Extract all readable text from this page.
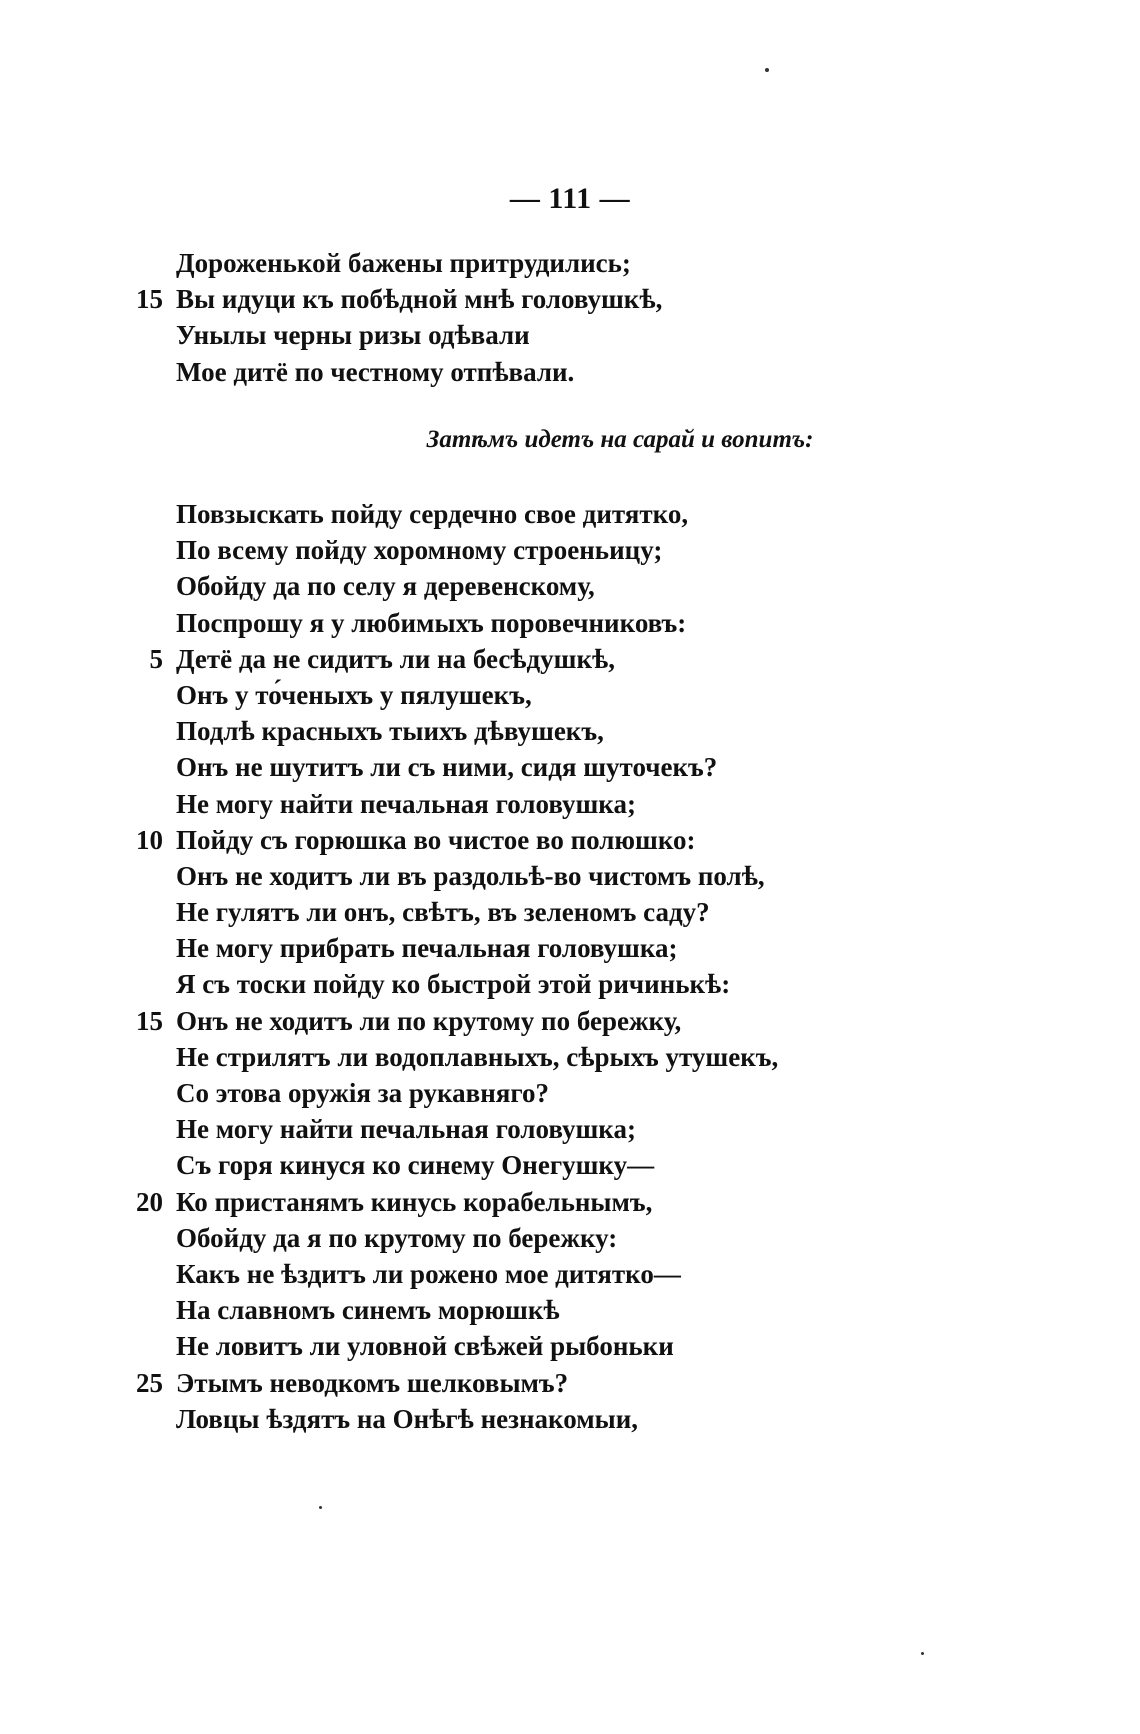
— 111 —
Дороженькой бажены притрудились;
15 Вы идуци къ побѣдной мнѣ головушкѣ,
Унылы черны ризы одѣвали
Мое дитё по честному отпѣвали.
Затѣмъ идетъ на сарай и вопитъ:
Повзыскать пойду сердечно свое дитятко,
По всему пойду хоромному строеньицу;
Обойду да по селу я деревенскому,
Поспрошу я у любимыхъ поровечниковъ:
5 Детё да не сидитъ ли на бесѣдушкѣ,
Онъ у то́ченыхъ у пялушекъ,
Подлѣ красныхъ тыихъ дѣвушекъ,
Онъ не шутитъ ли съ ними, сидя шуточекъ?
Не могу найти печальная головушка;
10 Пойду съ горюшка во чистое во полюшко:
Онъ не ходитъ ли въ раздольѣ-во чистомъ полѣ,
Не гулятъ ли онъ, свѣтъ, въ зеленомъ саду?
Не могу прибрать печальная головушка;
Я съ тоски пойду ко быстрой этой ричинькѣ:
15 Онъ не ходитъ ли по крутому по бережку,
Не стрилятъ ли водоплавныхъ, сѣрыхъ утушекъ,
Со этова оружія за рукавняго?
Не могу найти печальная головушка;
Съ горя кинуся ко синему Онегушку—
20 Ко пристанямъ кинусь корабельнымъ,
Обойду да я по крутому по бережку:
Какъ не ѣздитъ ли рожено мое дитятко—
На славномъ синемъ морюшкѣ
Не ловитъ ли уловной свѣжей рыбоньки
25 Этымъ неводкомъ шелковымъ?
Ловцы ѣздятъ на Онѣгѣ незнакомыи,
